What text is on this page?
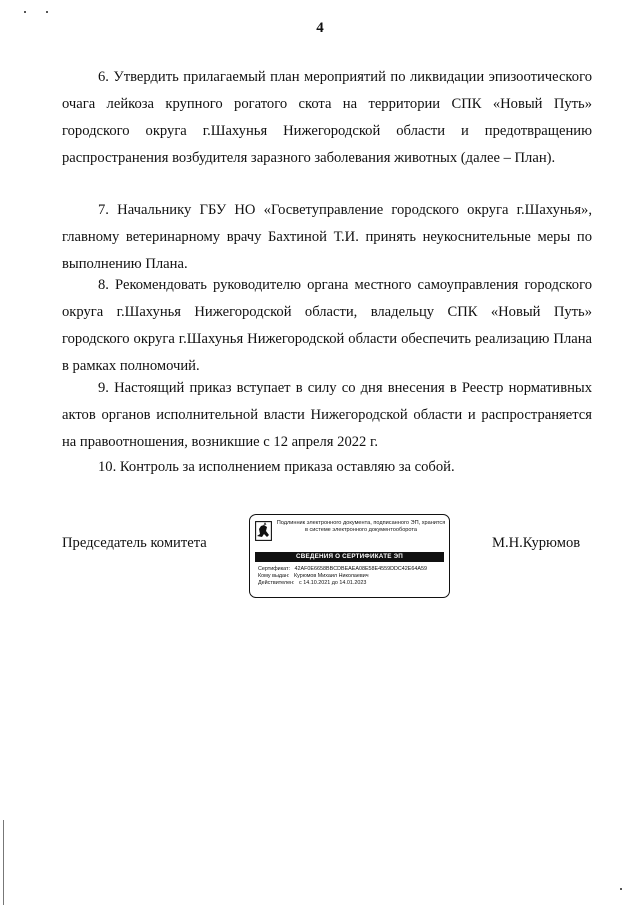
4

6. Утвердить прилагаемый план мероприятий по ликвидации эпизоотического очага лейкоза крупного рогатого скота на территории СПК «Новый Путь» городского округа г.Шахунья Нижегородской области и предотвращению распространения возбудителя заразного заболевания животных (далее – План).

7. Начальнику ГБУ НО «Госветуправление городского округа г.Шахунья», главному ветеринарному врачу Бахтиной Т.И. принять неукоснительные меры по выполнению Плана.

8. Рекомендовать руководителю органа местного самоуправления городского округа г.Шахунья Нижегородской области, владельцу СПК «Новый Путь» городского округа г.Шахунья Нижегородской области обеспечить реализацию Плана в рамках полномочий.

9. Настоящий приказ вступает в силу со дня внесения в Реестр нормативных актов органов исполнительной власти Нижегородской области и распространяется на правоотношения, возникшие с 12 апреля 2022 г.

10. Контроль за исполнением приказа оставляю за собой.

Председатель комитета
Подлинник электронного документа, подписанного ЭП, хранится в системе электронного документооборота
СВЕДЕНИЯ О СЕРТИФИКАТЕ ЭП
Сертификат: 42AF0E6658BBCDBEAEA08E58E4559DDC42E64A59
Кому выдан: Курюмов Михаил Николаевич
Действителен: с 14.10.2021 до 14.01.2023
М.Н.Курюмов
